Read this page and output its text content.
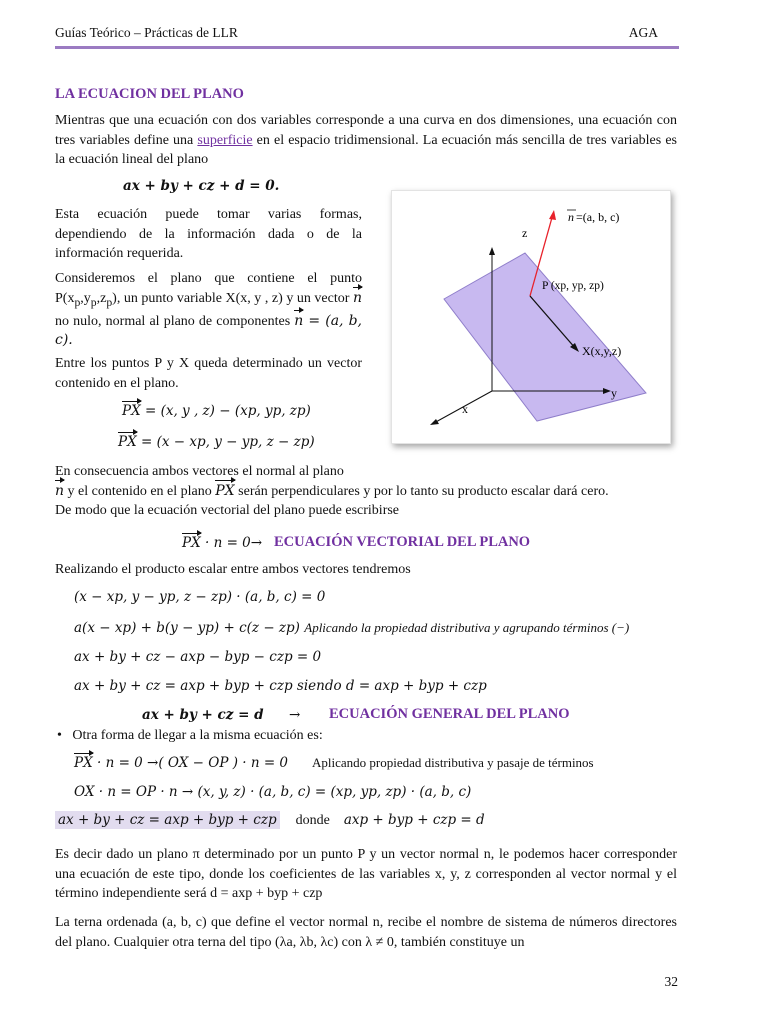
Guías Teórico – Prácticas de LLR	AGA
LA ECUACION DEL PLANO
Mientras que una ecuación con dos variables corresponde a una curva en dos dimensiones, una ecuación con tres variables define una superficie en el espacio tridimensional. La ecuación más sencilla de tres variables es la ecuación lineal del plano
ax + by + cz + d = 0.
Esta ecuación puede tomar varias formas, dependiendo de la información dada o de la información requerida.
Consideremos el plano que contiene el punto $P(x_p,y_p,z_p)$, un punto variable X(x, y , z) y un vector n no nulo, normal al plano de componentes n = (a, b, c).
Entre los puntos P y X queda determinado un vector contenido en el plano.
PX = (x, y , z) − (xp, yp, zp)
PX = (x − xp, y − yp, z − zp)
n =(a, b, c)
z
y
x
P (xp, yp, zp)
X(x,y,z)
En consecuencia ambos vectores el normal al plano
n y el contenido en el plano PX serán perpendiculares y por lo tanto su producto escalar dará cero.
De modo que la ecuación vectorial del plano puede escribirse
PX · n = 0→ ECUACIÓN VECTORIAL DEL PLANO
Realizando el producto escalar entre ambos vectores tendremos
(x − xp, y − yp, z − zp) · (a, b, c) = 0
a(x − xp) + b(y − yp) + c(z − zp) Aplicando la propiedad distributiva y agrupando términos (−)
ax + by + cz − axp − byp − czp = 0
ax + by + cz = axp + byp + czp siendo d = axp + byp + czp
ax + by + cz = d → ECUACIÓN GENERAL DEL PLANO
• Otra forma de llegar a la misma ecuación es:
PX · n = 0 →( OX − OP ) · n = 0 Aplicando propiedad distributiva y pasaje de términos
OX · n = OP · n → (x, y, z) · (a, b, c) = (xp, yp, zp) · (a, b, c)
ax + by + cz = axp + byp + czp donde axp + byp + czp = d
Es decir dado un plano π determinado por un punto P y un vector normal n, le podemos hacer corresponder una ecuación de este tipo, donde los coeficientes de las variables x, y, z corresponden al vector normal y el término independiente será d = axp + byp + czp
La terna ordenada (a, b, c) que define el vector normal n, recibe el nombre de sistema de números directores del plano. Cualquier otra terna del tipo (λa, λb, λc) con λ ≠ 0, también constituye un
32
